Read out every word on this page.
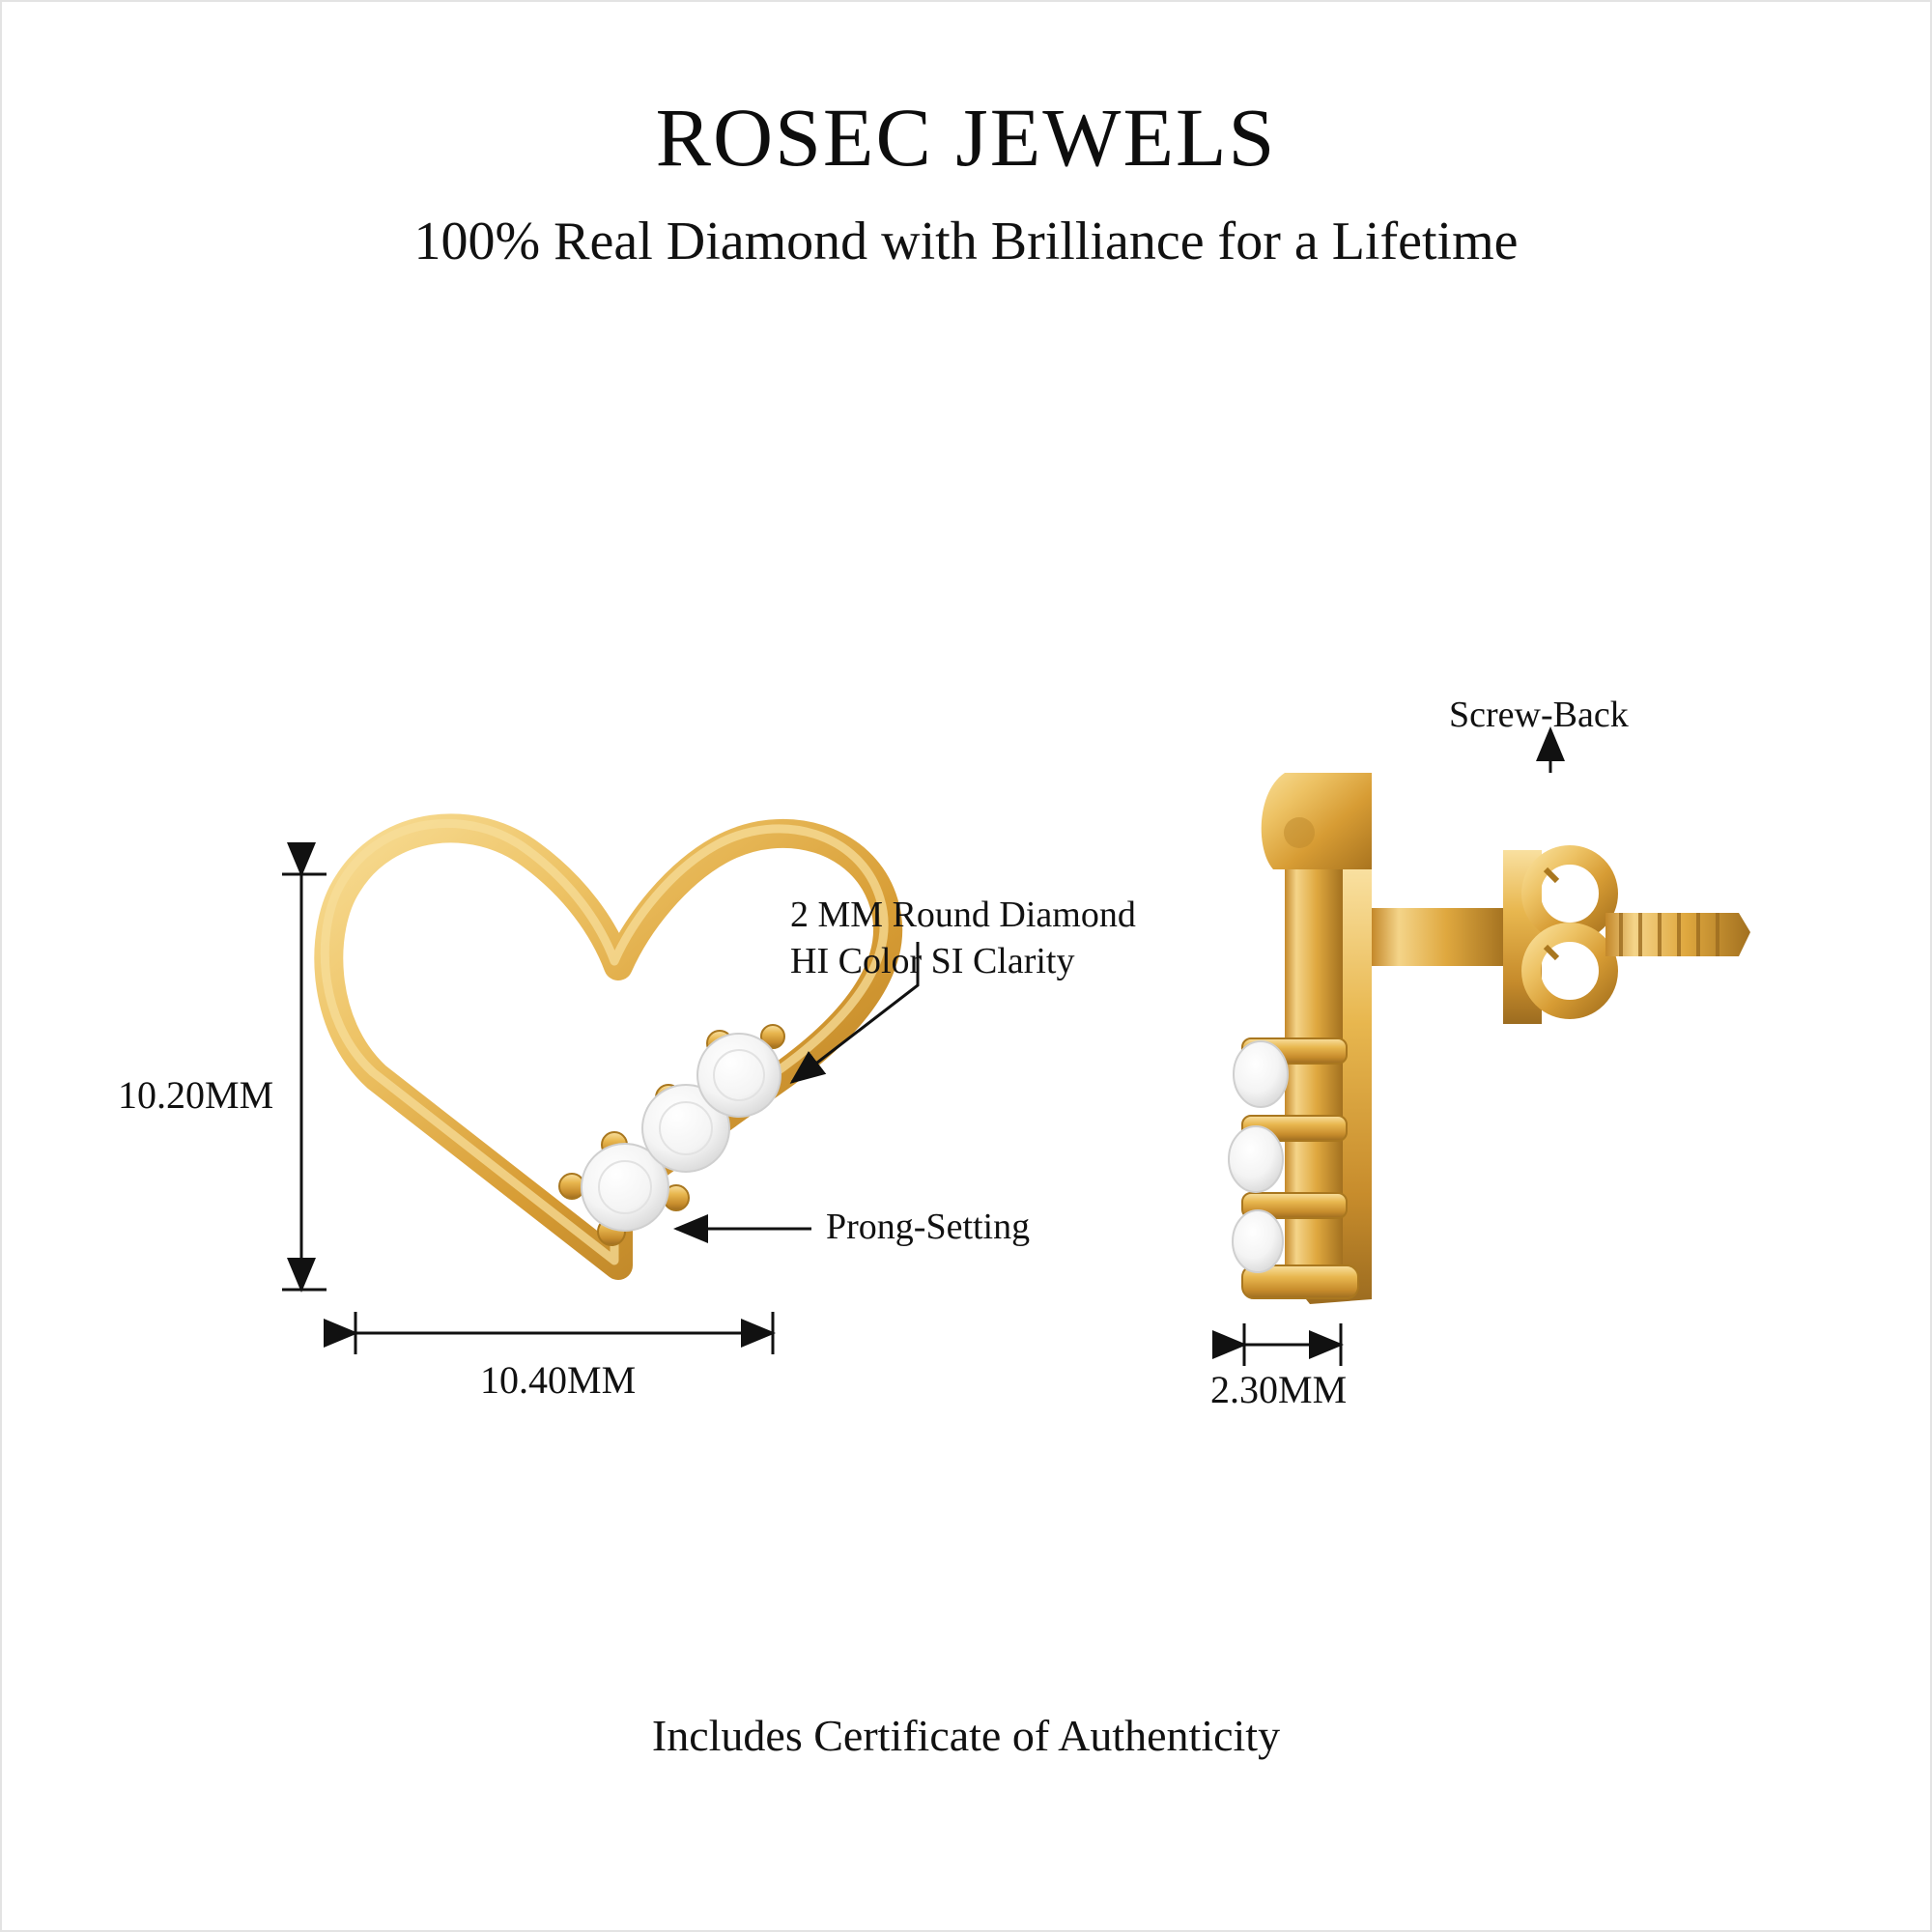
ROSEC JEWELS
100% Real Diamond with Brilliance for a Lifetime
Includes Certificate of Authenticity
10.20MM
10.40MM	2.30MM
2 MM Round Diamond
HI Color SI Clarity
Prong-Setting
Screw-Back
